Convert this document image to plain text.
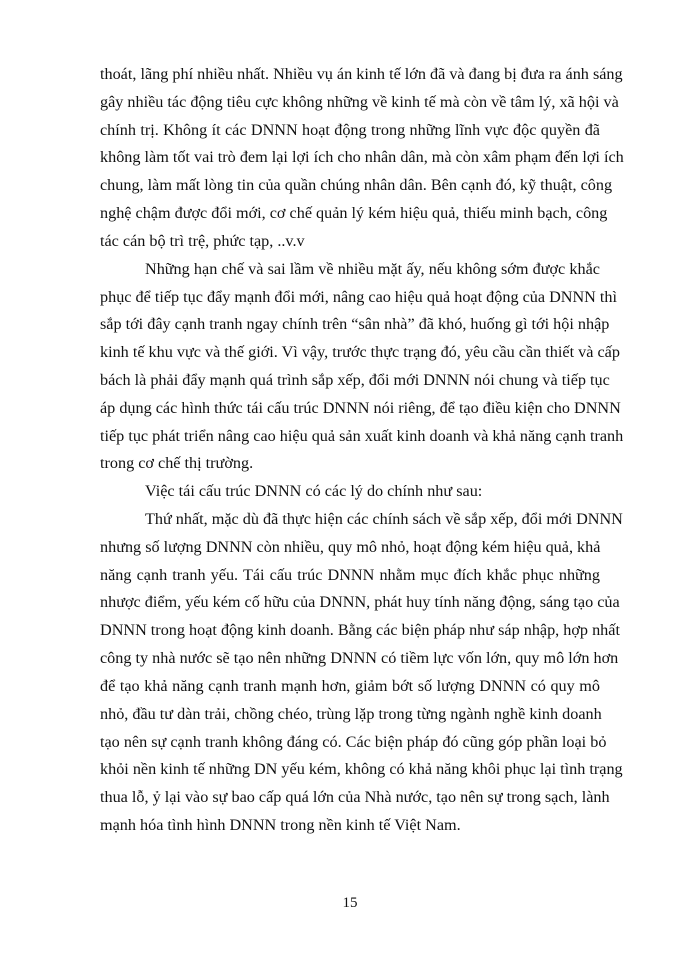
thoát, lãng phí nhiều nhất. Nhiều vụ án kinh tế lớn đã và đang bị đưa ra ánh sáng
gây nhiều tác động tiêu cực không những về kinh tế mà còn về tâm lý, xã hội và
chính trị. Không ít các DNNN hoạt động trong những lĩnh vực độc quyền đã
không làm tốt vai trò đem lại lợi ích cho nhân dân, mà còn xâm phạm đến lợi ích
chung, làm mất lòng tin của quần chúng nhân dân. Bên cạnh đó, kỹ thuật, công
nghệ chậm được đổi mới, cơ chế quản lý kém hiệu quả, thiếu minh bạch, công
tác cán bộ trì trệ, phức tạp, ..v.v
Những hạn chế và sai lầm về nhiều mặt ấy, nếu không sớm được khắc
phục để tiếp tục đẩy mạnh đổi mới, nâng cao hiệu quả hoạt động của DNNN thì
sắp tới đây cạnh tranh ngay chính trên “sân nhà” đã khó, huống gì tới hội nhập
kinh tế khu vực và thế giới. Vì vậy, trước thực trạng đó, yêu cầu cần thiết và cấp
bách là phải đẩy mạnh quá trình sắp xếp, đổi mới DNNN nói chung và tiếp tục
áp dụng các hình thức tái cấu trúc DNNN nói riêng, để tạo điều kiện cho DNNN
tiếp tục phát triển nâng cao hiệu quả sản xuất kinh doanh và khả năng cạnh tranh
trong cơ chế thị trường.
Việc tái cấu trúc DNNN có các lý do chính như sau:
Thứ nhất, mặc dù đã thực hiện các chính sách về sắp xếp, đổi mới DNNN
nhưng số lượng DNNN còn nhiều, quy mô nhỏ, hoạt động kém hiệu quả, khả
năng cạnh tranh yếu. Tái cấu trúc DNNN nhằm mục đích khắc phục những
nhược điểm, yếu kém cố hữu của DNNN, phát huy tính năng động, sáng tạo của
DNNN trong hoạt động kinh doanh. Bằng các biện pháp như sáp nhập, hợp nhất
công ty nhà nước sẽ tạo nên những DNNN có tiềm lực vốn lớn, quy mô lớn hơn
để tạo khả năng cạnh tranh mạnh hơn, giảm bớt số lượng DNNN có quy mô
nhỏ, đầu tư dàn trải, chồng chéo, trùng lặp trong từng ngành nghề kinh doanh
tạo nên sự cạnh tranh không đáng có. Các biện pháp đó cũng góp phần loại bỏ
khỏi nền kinh tế những DN yếu kém, không có khả năng khôi phục lại tình trạng
thua lỗ, ỷ lại vào sự bao cấp quá lớn của Nhà nước, tạo nên sự trong sạch, lành
mạnh hóa tình hình DNNN trong nền kinh tế Việt Nam.
15
